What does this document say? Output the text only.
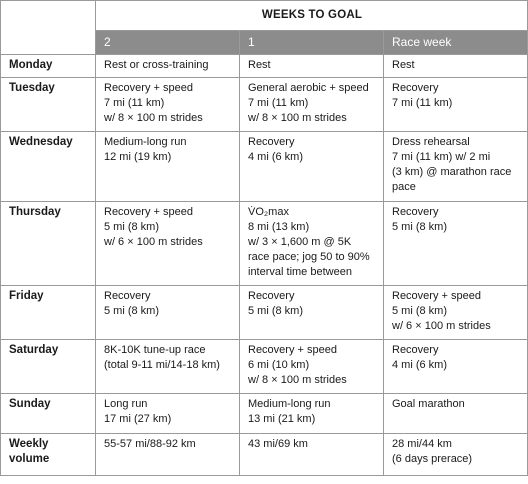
	WEEKS TO GOAL		
	2	1	Race week
Monday	Rest or cross-training	Rest	Rest

Tuesday	Recovery + speed
7 mi (11 km)
w/ 8 × 100 m strides	General aerobic + speed
7 mi (11 km)
w/ 8 × 100 m strides	Recovery
7 mi (11 km)

Wednesday	Medium-long run
12 mi (19 km)	Recovery
4 mi (6 km)	Dress rehearsal
7 mi (11 km) w/ 2 mi
(3 km) @ marathon race
pace

Thursday	Recovery + speed
5 mi (8 km)
w/ 6 × 100 m strides	V̇O₂max
8 mi (13 km)
w/ 3 × 1,600 m @ 5K
race pace; jog 50 to 90%
interval time between	Recovery
5 mi (8 km)

Friday	Recovery
5 mi (8 km)	Recovery
5 mi (8 km)	Recovery + speed
5 mi (8 km)
w/ 6 × 100 m strides

Saturday	8K-10K tune-up race
(total 9-11 mi/14-18 km)	Recovery + speed
6 mi (10 km)
w/ 8 × 100 m strides	Recovery
4 mi (6 km)

Sunday	Long run
17 mi (27 km)	Medium-long run
13 mi (21 km)	Goal marathon

Weekly volume	55-57 mi/88-92 km	43 mi/69 km	28 mi/44 km
(6 days prerace)
